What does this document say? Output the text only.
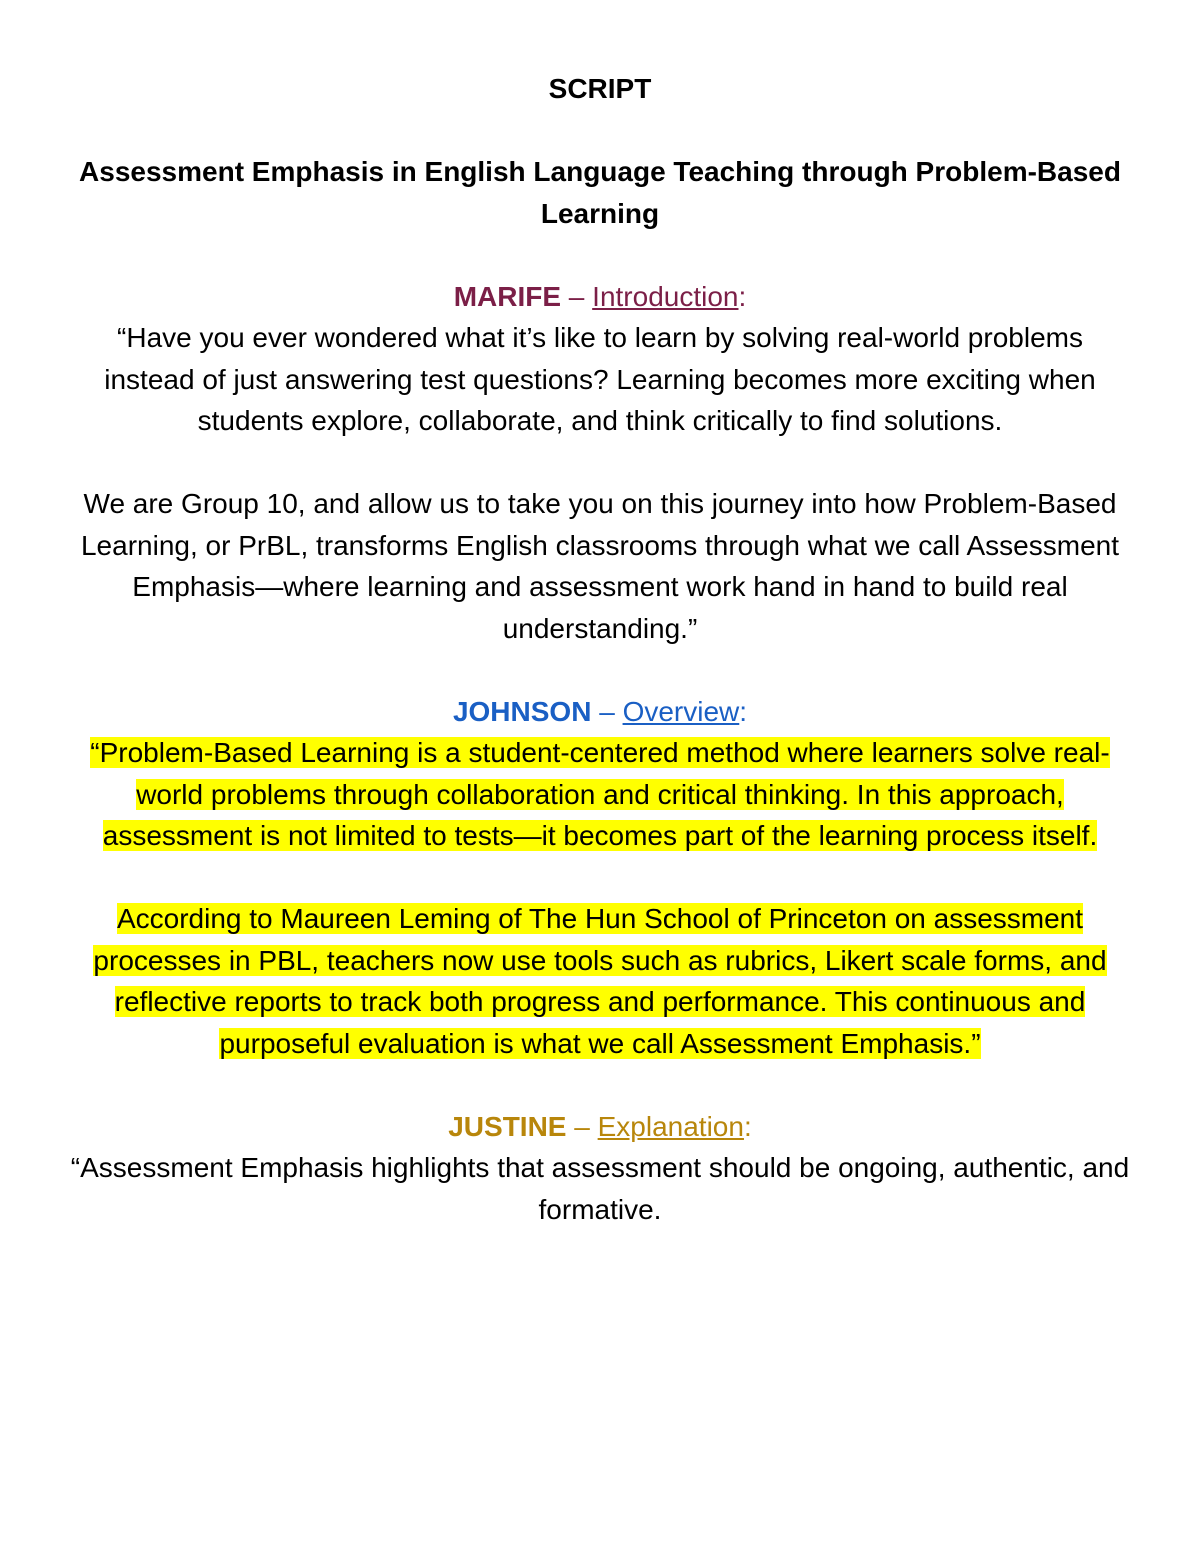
SCRIPT

Assessment Emphasis in English Language Teaching through Problem-Based Learning

MARIFE – Introduction:

“Have you ever wondered what it’s like to learn by solving real-world problems instead of just answering test questions? Learning becomes more exciting when students explore, collaborate, and think critically to find solutions.

We are Group 10, and allow us to take you on this journey into how Problem-Based Learning, or PrBL, transforms English classrooms through what we call Assessment Emphasis—where learning and assessment work hand in hand to build real understanding.”

JOHNSON – Overview:

“Problem-Based Learning is a student-centered method where learners solve real-world problems through collaboration and critical thinking. In this approach, assessment is not limited to tests—it becomes part of the learning process itself.

According to Maureen Leming of The Hun School of Princeton on assessment processes in PBL, teachers now use tools such as rubrics, Likert scale forms, and reflective reports to track both progress and performance. This continuous and purposeful evaluation is what we call Assessment Emphasis.”

JUSTINE – Explanation:

“Assessment Emphasis highlights that assessment should be ongoing, authentic, and formative.
